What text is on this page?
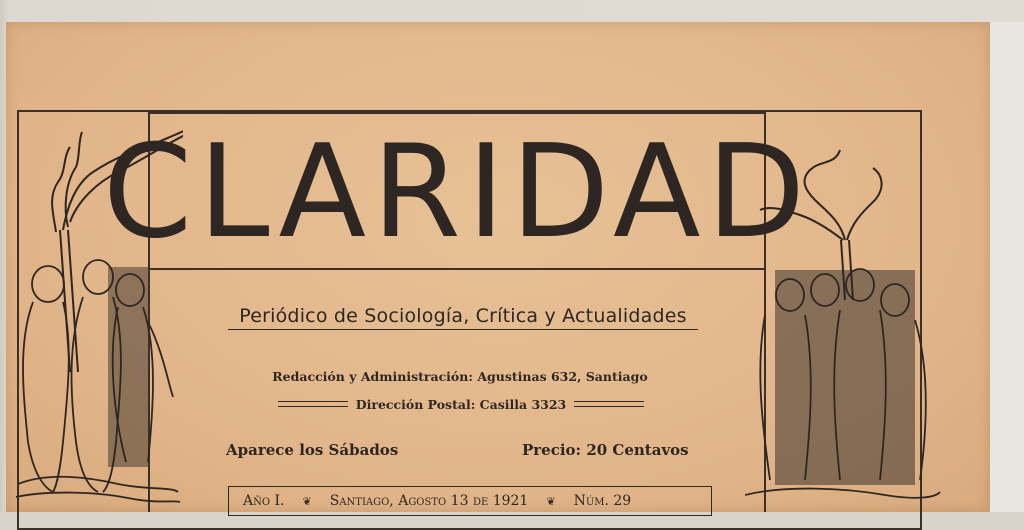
CLARIDAD
Periódico de Sociología, Crítica y Actualidades
Redacción y Administración: Agustinas 632, Santiago
Dirección Postal: Casilla 3323
Aparece los Sábados	Precio: 20 Centavos
Año I. ❦ Santiago, Agosto 13 de 1921 ❦ Núm. 29
